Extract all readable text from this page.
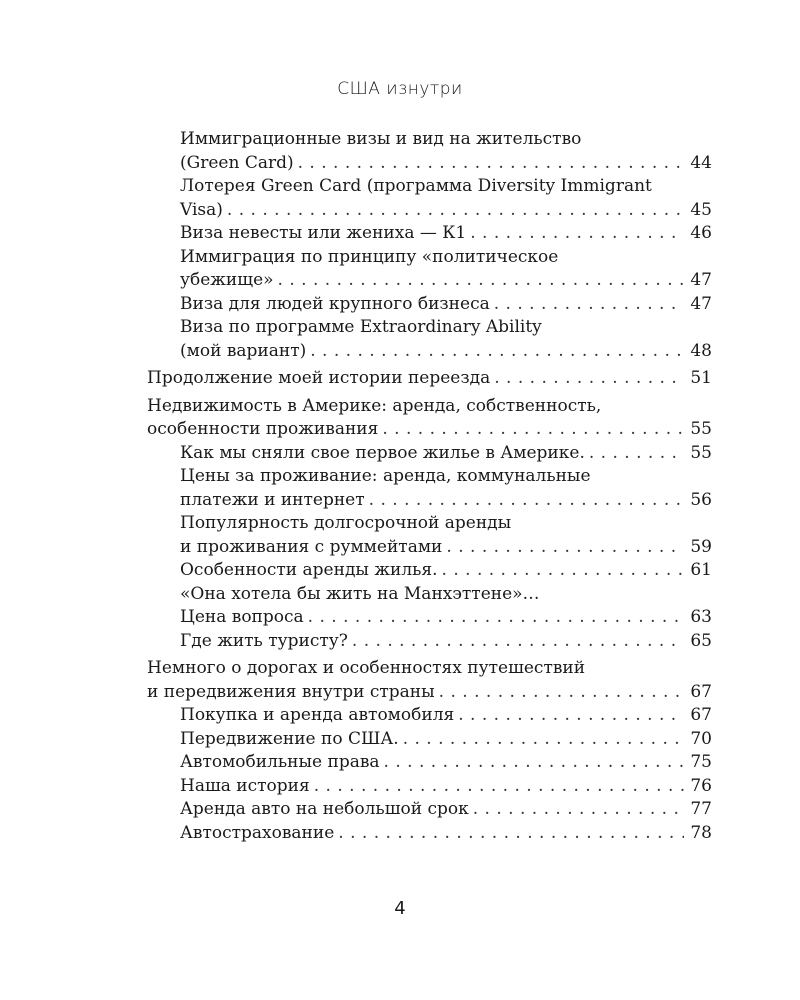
США изнутри
Иммиграционные визы и вид на жительство
(Green Card) . . .	44
Лотерея Green Card (программа Diversity Immigrant
Visa) . . .	45
Виза невесты или жениха — К1 . . .	46
Иммиграция по принципу «политическое
убежище» . . .	47
Виза для людей крупного бизнеса . . .	47
Виза по программе Extraordinary Ability
(мой вариант) . . .	48
Продолжение моей истории переезда . . .	51
Недвижимость в Америке: аренда, собственность,
особенности проживания . . .	55
Как мы сняли свое первое жилье в Америке. . . .	55
Цены за проживание: аренда, коммунальные
платежи и интернет . . .	56
Популярность долгосрочной аренды
и проживания с руммейтами . . .	59
Особенности аренды жилья. . . .	61
«Она хотела бы жить на Манхэттене»…
Цена вопроса . . .	63
Где жить туристу? . . .	65
Немного о дорогах и особенностях путешествий
и передвижения внутри страны . . .	67
Покупка и аренда автомобиля . . .	67
Передвижение по США. . . .	70
Автомобильные права . . .	75
Наша история . . .	76
Аренда авто на небольшой срок . . .	77
Автострахование . . .	78
4
